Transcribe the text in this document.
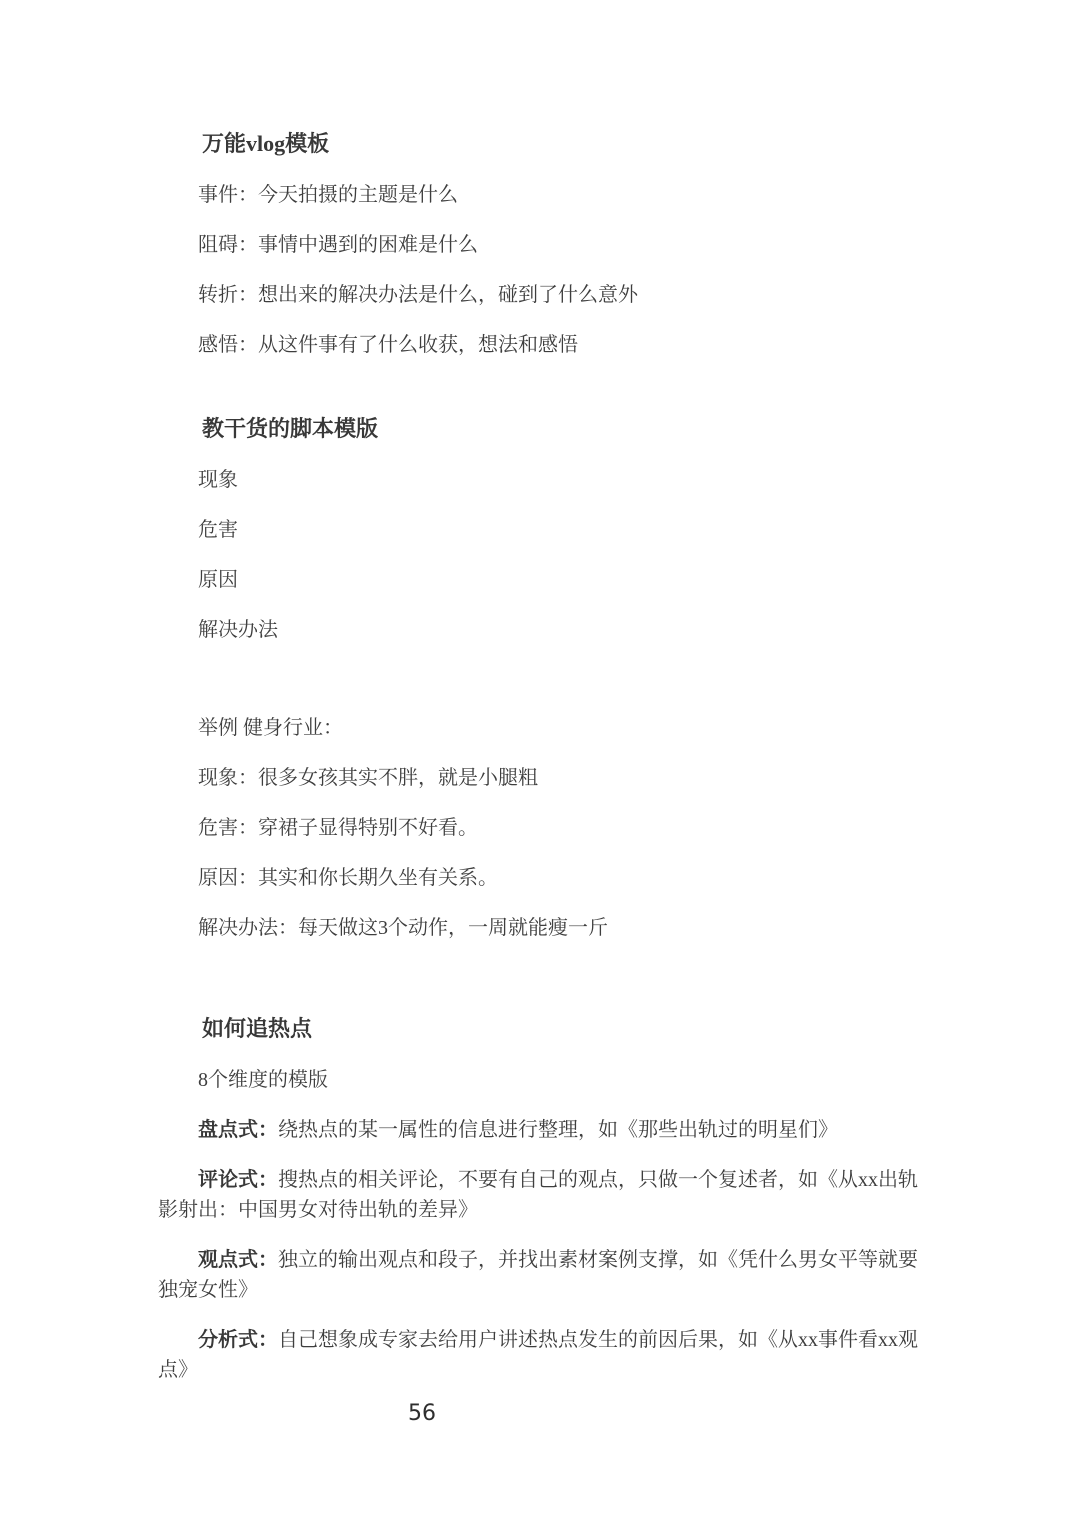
万能vlog模板
事件：今天拍摄的主题是什么
阻碍：事情中遇到的困难是什么
转折：想出来的解决办法是什么，碰到了什么意外
感悟：从这件事有了什么收获，想法和感悟
教干货的脚本模版
现象
危害
原因
解决办法
举例 健身行业：
现象：很多女孩其实不胖，就是小腿粗
危害：穿裙子显得特别不好看。
原因：其实和你长期久坐有关系。
解决办法：每天做这3个动作，一周就能瘦一斤
如何追热点
8个维度的模版
盘点式：绕热点的某一属性的信息进行整理，如《那些出轨过的明星们》
评论式：搜热点的相关评论，不要有自己的观点，只做一个复述者，如《从xx出轨影射出：中国男女对待出轨的差异》
观点式：独立的输出观点和段子，并找出素材案例支撑，如《凭什么男女平等就要独宠女性》
分析式：自己想象成专家去给用户讲述热点发生的前因后果，如《从xx事件看xx观点》
56
